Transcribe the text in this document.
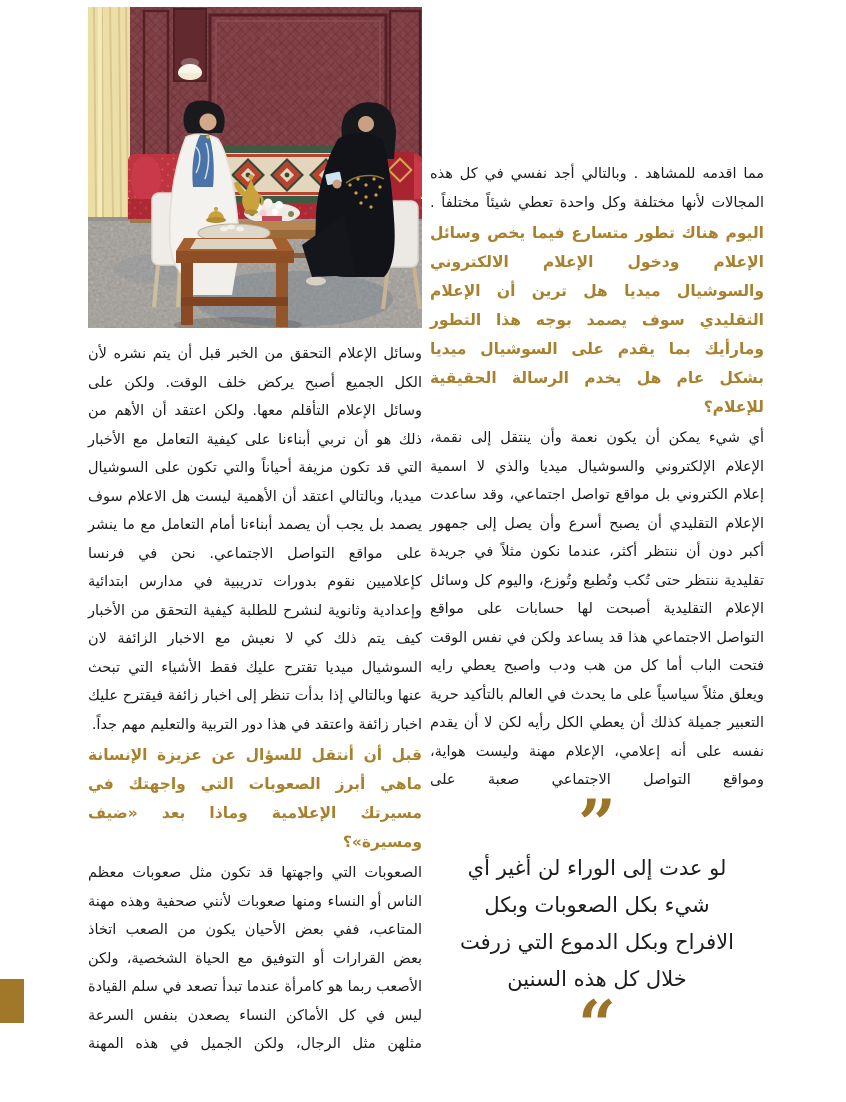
مما اقدمه للمشاهد . وبالتالي أجد نفسي في كل هذه المجالات لأنها مختلفة وكل واحدة تعطي شيئاً مختلفاً .

اليوم هناك تطور متسارع فيما يخص وسائل الإعلام ودخول الإعلام الالكتروني والسوشيال ميديا هل ترين أن الإعلام التقليدي سوف يصمد بوجه هذا التطور ومارأيك بما يقدم على السوشيال ميديا بشكل عام هل يخدم الرسالة الحقيقية للإعلام؟

أي شيء يمكن أن يكون نعمة وأن ينتقل إلى نقمة، الإعلام الإلكتروني والسوشيال ميديا والذي لا اسمية إعلام الكتروني بل مواقع تواصل اجتماعي، وقد ساعدت الإعلام التقليدي أن يصبح أسرع وأن يصل إلى جمهور أكبر دون أن ننتظر أكثر، عندما نكون مثلاً في جريدة تقليدية ننتظر حتى تُكب وتُطبع وتُوزع، واليوم كل وسائل الإعلام التقليدية أصبحت لها حسابات على مواقع التواصل الاجتماعي هذا قد يساعد ولكن في نفس الوقت فتحت الباب أما كل من هب ودب واصبح يعطي رايه ويعلق مثلاً سياسياً على ما يحدث في العالم بالتأكيد حرية التعبير جميلة كذلك أن يعطي الكل رأيه لكن لا أن يقدم نفسه على أنه إعلامي، الإعلام مهنة وليست هواية، ومواقع التواصل الاجتماعي صعبة على

”
لو عدت إلى الوراء لن أغير أي
شيء بكل الصعوبات وبكل
الافراح وبكل الدموع التي زرفت
خلال كل هذه السنين
“

وسائل الإعلام التحقق من الخبر قبل أن يتم نشره لأن الكل الجميع أصبح يركض خلف الوقت. ولكن على وسائل الإعلام التأقلم معها. ولكن اعتقد أن الأهم من ذلك هو أن نربي أبناءنا على كيفية التعامل مع الأخبار التي قد تكون مزيفة أحياناً والتي تكون على السوشيال ميديا، وبالتالي اعتقد أن الأهمية ليست هل الاعلام سوف يصمد بل يجب أن يصمد أبناءنا أمام التعامل مع ما ينشر على مواقع التواصل الاجتماعي. نحن في فرنسا كإعلاميين نقوم بدورات تدريبية في مدارس ابتدائية وإعدادية وثانوية لنشرح للطلبة كيفية التحقق من الأخبار كيف يتم ذلك كي لا نعيش مع الاخبار الزائفة لان السوشيال ميديا تقترح عليك فقط الأشياء التي تبحث عنها وبالتالي إذا بدأت تنظر إلى اخبار زائفة فيقترح عليك اخبار زائفة واعتقد في هذا دور التربية والتعليم مهم جداً.

قبل أن أنتقل للسؤال عن عزيزة الإنسانة ماهي أبرز الصعوبات التي واجهتك في مسيرتك الإعلامية وماذا بعد «ضيف ومسيرة»؟

الصعوبات التي واجهتها قد تكون مثل صعوبات معظم الناس أو النساء ومنها صعوبات لأنني صحفية وهذه مهنة المتاعب، ففي بعض الأحيان يكون من الصعب اتخاذ بعض القرارات أو التوفيق مع الحياة الشخصية، ولكن الأصعب ربما هو كامرأة عندما تبدأ تصعد في سلم القيادة ليس في كل الأماكن النساء يصعدن بنفس السرعة مثلهن مثل الرجال، ولكن الجميل في هذه المهنة
